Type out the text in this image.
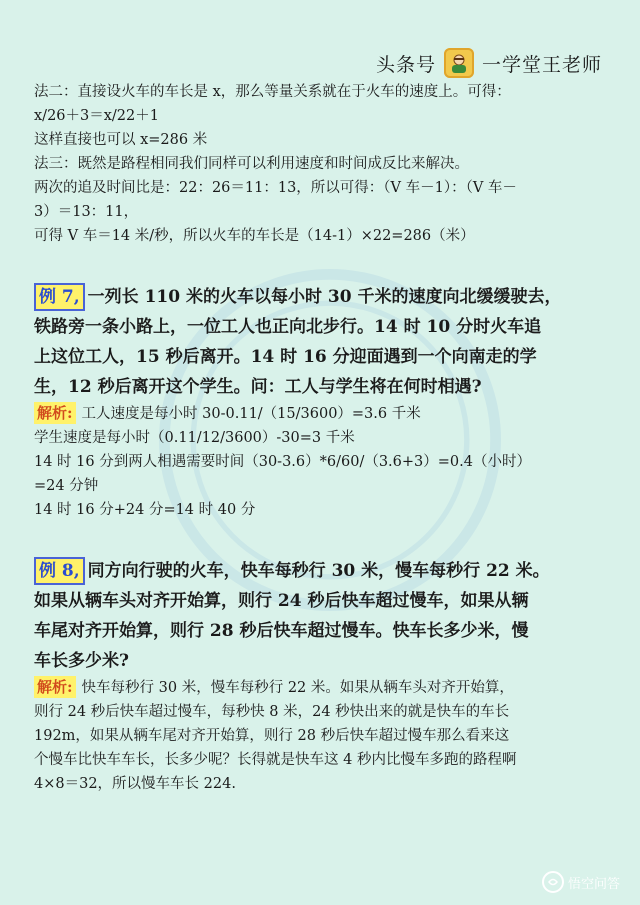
头条号 一学堂王老师

法二：直接设火车的车长是 x，那么等量关系就在于火车的速度上。可得：

x/26＋3＝x/22＋1

这样直接也可以 x=286 米

法三：既然是路程相同我们同样可以利用速度和时间成反比来解决。

两次的追及时间比是：22：26＝11：13，所以可得：（V 车－1）：（V 车－

3）＝13：11，

可得 V 车＝14 米/秒，所以火车的车长是（14-1）×22=286（米）

例 7, 一列长 110 米的火车以每小时 30 千米的速度向北缓缓驶去，

铁路旁一条小路上，一位工人也正向北步行。14 时 10 分时火车追

上这位工人，15 秒后离开。14 时 16 分迎面遇到一个向南走的学

生，12 秒后离开这个学生。问：工人与学生将在何时相遇?

解析: 工人速度是每小时 30-0.11/（15/3600）=3.6 千米

学生速度是每小时（0.11/12/3600）-30=3 千米

14 时 16 分到两人相遇需要时间（30-3.6）*6/60/（3.6+3）=0.4（小时）

=24 分钟

14 时 16 分+24 分=14 时 40 分

例 8, 同方向行驶的火车，快车每秒行 30 米，慢车每秒行 22 米。

如果从辆车头对齐开始算，则行 24 秒后快车超过慢车，如果从辆

车尾对齐开始算，则行 28 秒后快车超过慢车。快车长多少米，慢

车长多少米?

解析: 快车每秒行 30 米，慢车每秒行 22 米。如果从辆车头对齐开始算，

则行 24 秒后快车超过慢车，每秒快 8 米，24 秒快出来的就是快车的车长

192m，如果从辆车尾对齐开始算，则行 28 秒后快车超过慢车那么看来这

个慢车比快车车长，长多少呢？长得就是快车这 4 秒内比慢车多跑的路程啊

4×8＝32，所以慢车车长 224.

悟空问答
